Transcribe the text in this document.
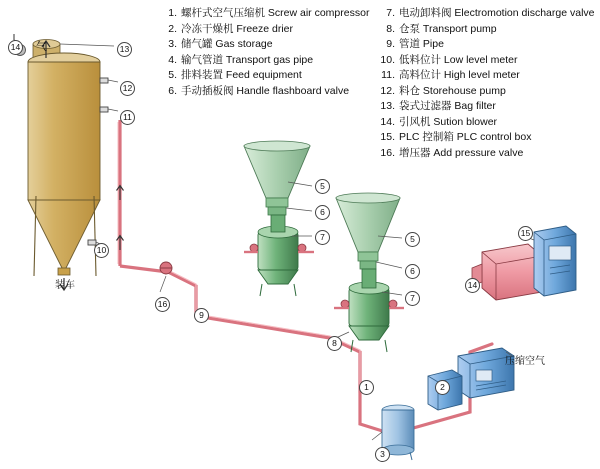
1. 螺杆式空气压缩机 Screw air compressor
2. 冷冻干燥机 Freeze drier
3. 储气罐 Gas storage
4. 输气管道 Transport gas pipe
5. 排料装置 Feed equipment
6. 手动插板阀 Handle flashboard valve
7. 电动卸料阀 Electromotion discharge valve
8. 仓泵 Transport pump
9. 管道 Pipe
10. 低料位计 Low level meter
11. 高料位计 High level meter
12. 料仓 Storehouse pump
13. 袋式过滤器 Bag filter
14. 引风机 Sution blower
15. PLC 控制箱 PLC control box
16. 增压器 Add pressure valve
气
装车
压缩空气
14	13
12
11
10
16
9
5
6
7	5
6
7
8
15
14
1	2
3
